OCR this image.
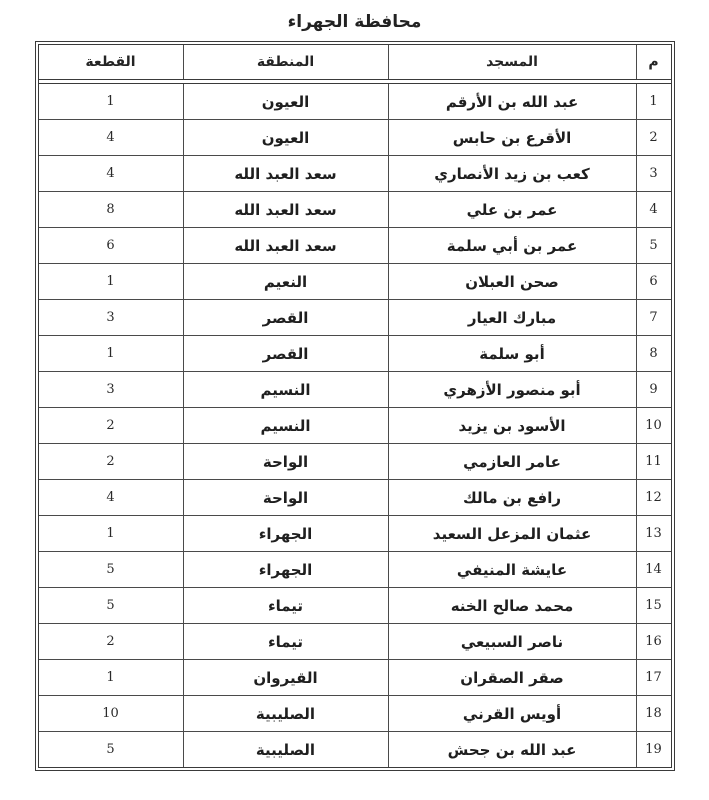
محافظة الجهراء
م
المسجد
المنطقة
القطعة
1
عبد الله بن الأرقم
العيون
1
2
الأقرع بن حابس
العيون
4
3
كعب بن زيد الأنصاري
سعد العبد الله
4
4
عمر بن علي
سعد العبد الله
8
5
عمر بن أبي سلمة
سعد العبد الله
6
6
صحن العبلان
النعيم
1
7
مبارك العيار
القصر
3
8
أبو سلمة
القصر
1
9
أبو منصور الأزهري
النسيم
3
10
الأسود بن يزيد
النسيم
2
11
عامر العازمي
الواحة
2
12
رافع بن مالك
الواحة
4
13
عثمان المزعل السعيد
الجهراء
1
14
عايشة المنيفي
الجهراء
5
15
محمد صالح الخنه
تيماء
5
16
ناصر السبيعي
تيماء
2
17
صقر الصقران
القيروان
1
18
أويس القرني
الصليبية
10
19
عبد الله بن جحش
الصليبية
5
